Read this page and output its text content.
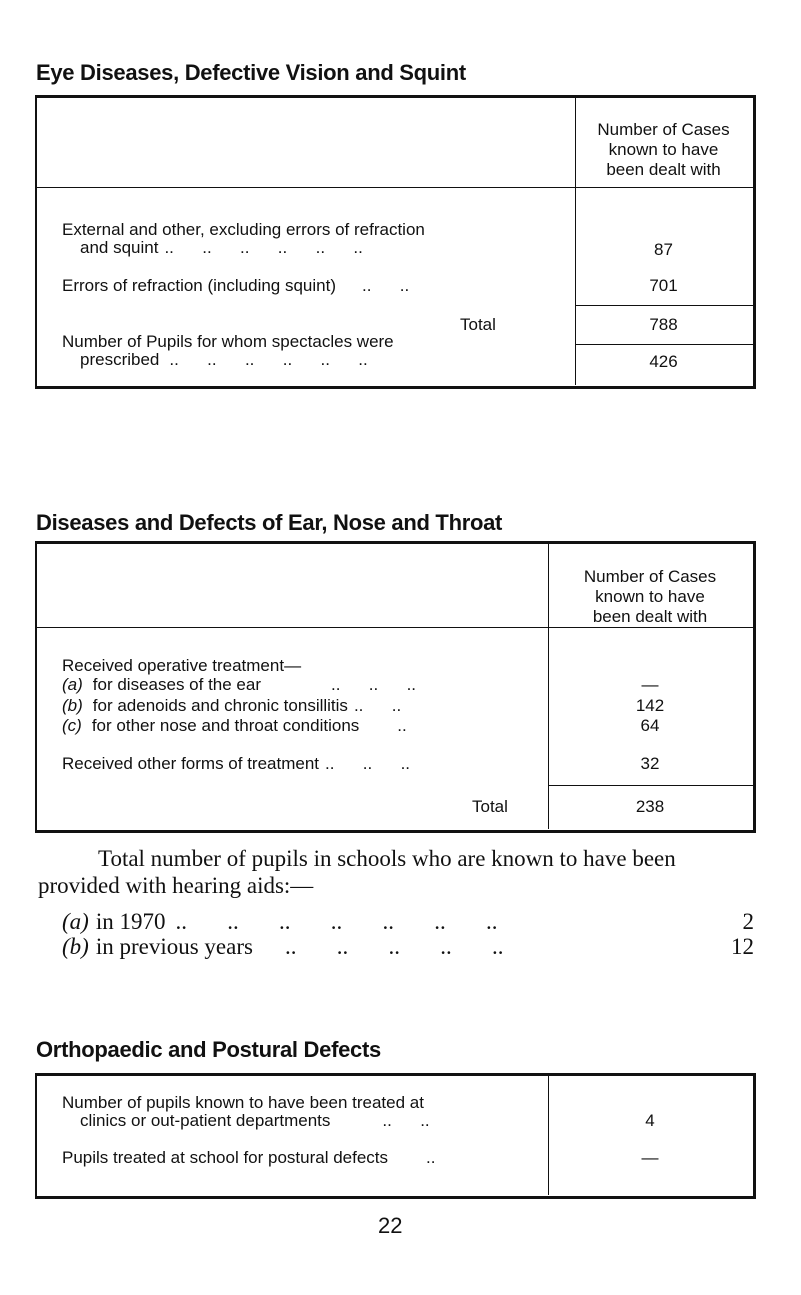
Eye Diseases, Defective Vision and Squint
Number of Cases
known to have
been dealt with
External and other, excluding errors of refraction
and squint ..      ..      ..      ..      ..      ..	87
Errors of refraction (including squint) ..      ..	701
Total	788
Number of Pupils for whom spectacles were
prescribed ..      ..      ..      ..      ..      ..	426
Diseases and Defects of Ear, Nose and Throat
Number of Cases
known to have
been dealt with
Received operative treatment—
(a) for diseases of the ear	..      ..      ..	—
(b) for adenoids and chronic tonsillitis ..      ..	142
(c) for other nose and throat conditions ..	64
Received other forms of treatment ..      ..      ..	32
Total	238
Total number of pupils in schools who are known to have been
provided with hearing aids:—
(a) in 1970 ..       ..       ..       ..       ..       ..       ..	2
(b) in previous years ..       ..       ..       ..       ..	12
Orthopaedic and Postural Defects
Number of pupils known to have been treated at
clinics or out-patient departments	..      ..	4
Pupils treated at school for postural defects ..	—
22
